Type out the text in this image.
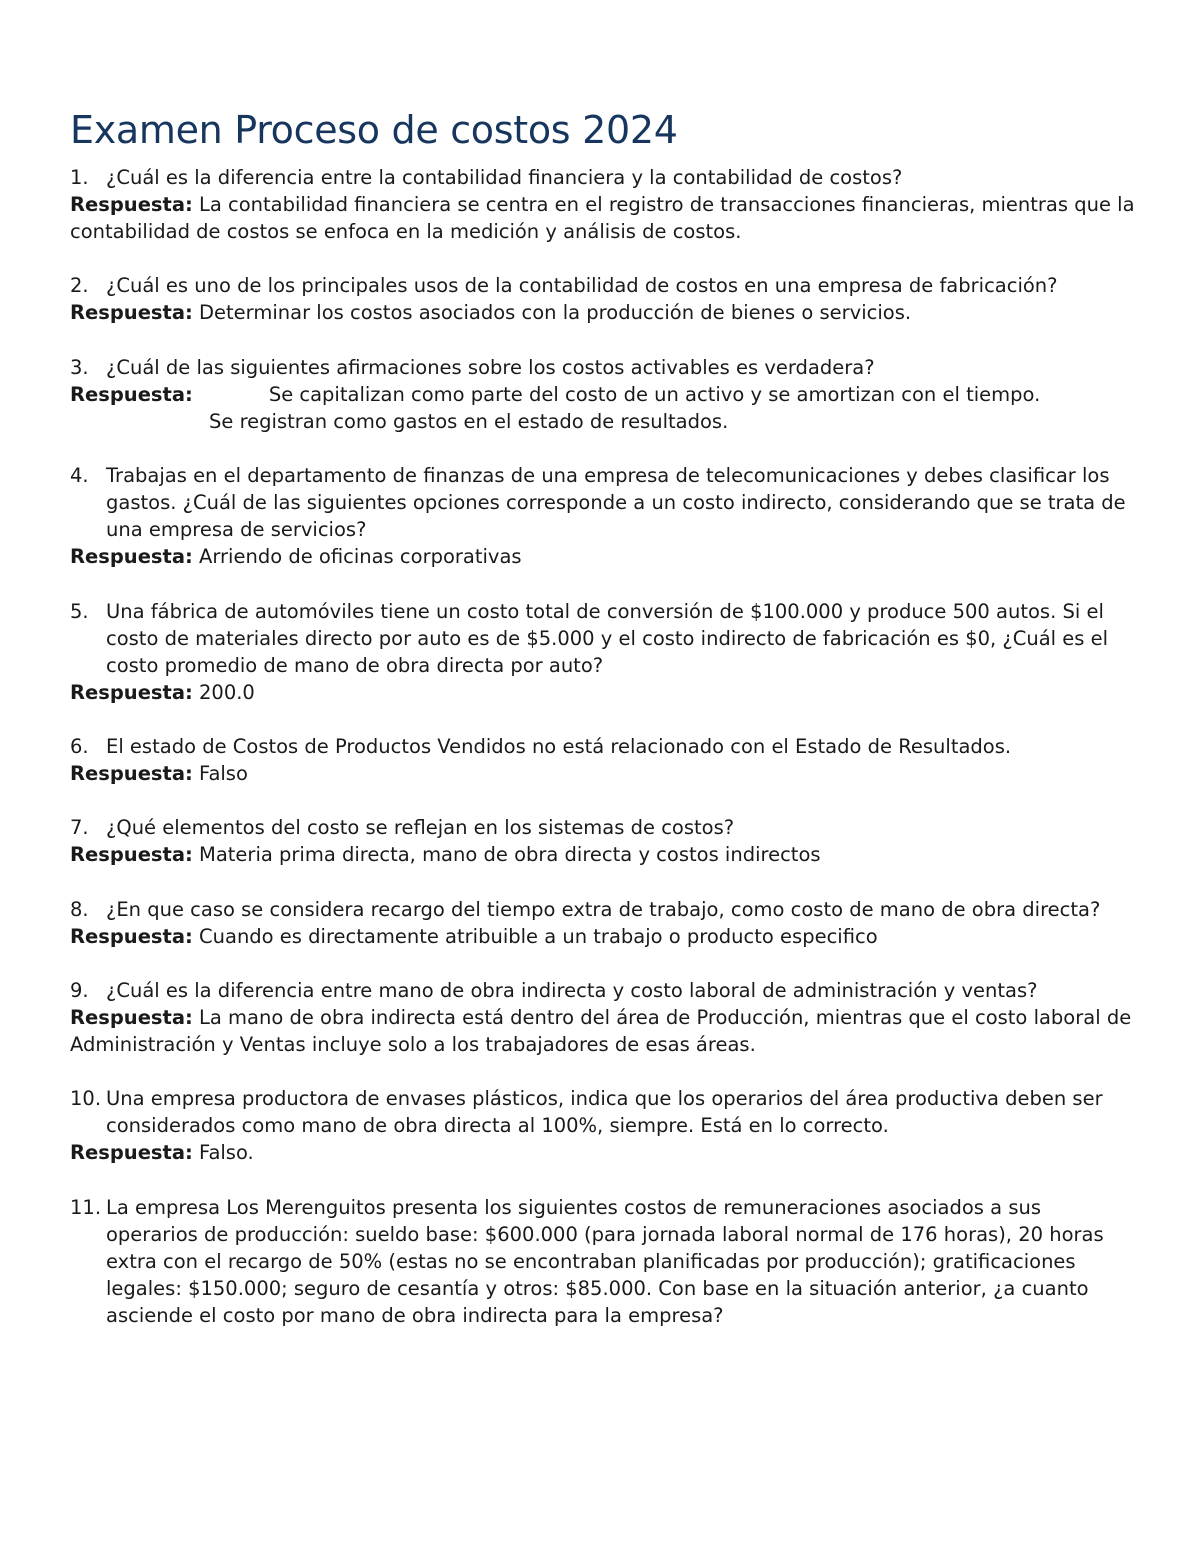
Examen Proceso de costos 2024
1. ¿Cuál es la diferencia entre la contabilidad financiera y la contabilidad de costos?

Respuesta: La contabilidad financiera se centra en el registro de transacciones financieras, mientras que la contabilidad de costos se enfoca en la medición y análisis de costos.

2. ¿Cuál es uno de los principales usos de la contabilidad de costos en una empresa de fabricación?

Respuesta: Determinar los costos asociados con la producción de bienes o servicios.

3. ¿Cuál de las siguientes afirmaciones sobre los costos activables es verdadera?

Respuesta:	Se capitalizan como parte del costo de un activo y se amortizan con el tiempo.

Se registran como gastos en el estado de resultados.

4. Trabajas en el departamento de finanzas de una empresa de telecomunicaciones y debes clasificar los gastos. ¿Cuál de las siguientes opciones corresponde a un costo indirecto, considerando que se trata de una empresa de servicios?

Respuesta: Arriendo de oficinas corporativas

5. Una fábrica de automóviles tiene un costo total de conversión de $100.000 y produce 500 autos. Si el costo de materiales directo por auto es de $5.000 y el costo indirecto de fabricación es $0, ¿Cuál es el costo promedio de mano de obra directa por auto?

Respuesta: 200.0

6. El estado de Costos de Productos Vendidos no está relacionado con el Estado de Resultados.

Respuesta: Falso

7. ¿Qué elementos del costo se reflejan en los sistemas de costos?

Respuesta: Materia prima directa, mano de obra directa y costos indirectos

8. ¿En que caso se considera recargo del tiempo extra de trabajo, como costo de mano de obra directa?

Respuesta: Cuando es directamente atribuible a un trabajo o producto especifico

9. ¿Cuál es la diferencia entre mano de obra indirecta y costo laboral de administración y ventas?

Respuesta: La mano de obra indirecta está dentro del área de Producción, mientras que el costo laboral de Administración y Ventas incluye solo a los trabajadores de esas áreas.

10. Una empresa productora de envases plásticos, indica que los operarios del área productiva deben ser considerados como mano de obra directa al 100%, siempre. Está en lo correcto.

Respuesta: Falso.

11. La empresa Los Merenguitos presenta los siguientes costos de remuneraciones asociados a sus operarios de producción: sueldo base: $600.000 (para jornada laboral normal de 176 horas), 20 horas extra con el recargo de 50% (estas no se encontraban planificadas por producción); gratificaciones legales: $150.000; seguro de cesantía y otros: $85.000. Con base en la situación anterior, ¿a cuanto asciende el costo por mano de obra indirecta para la empresa?
